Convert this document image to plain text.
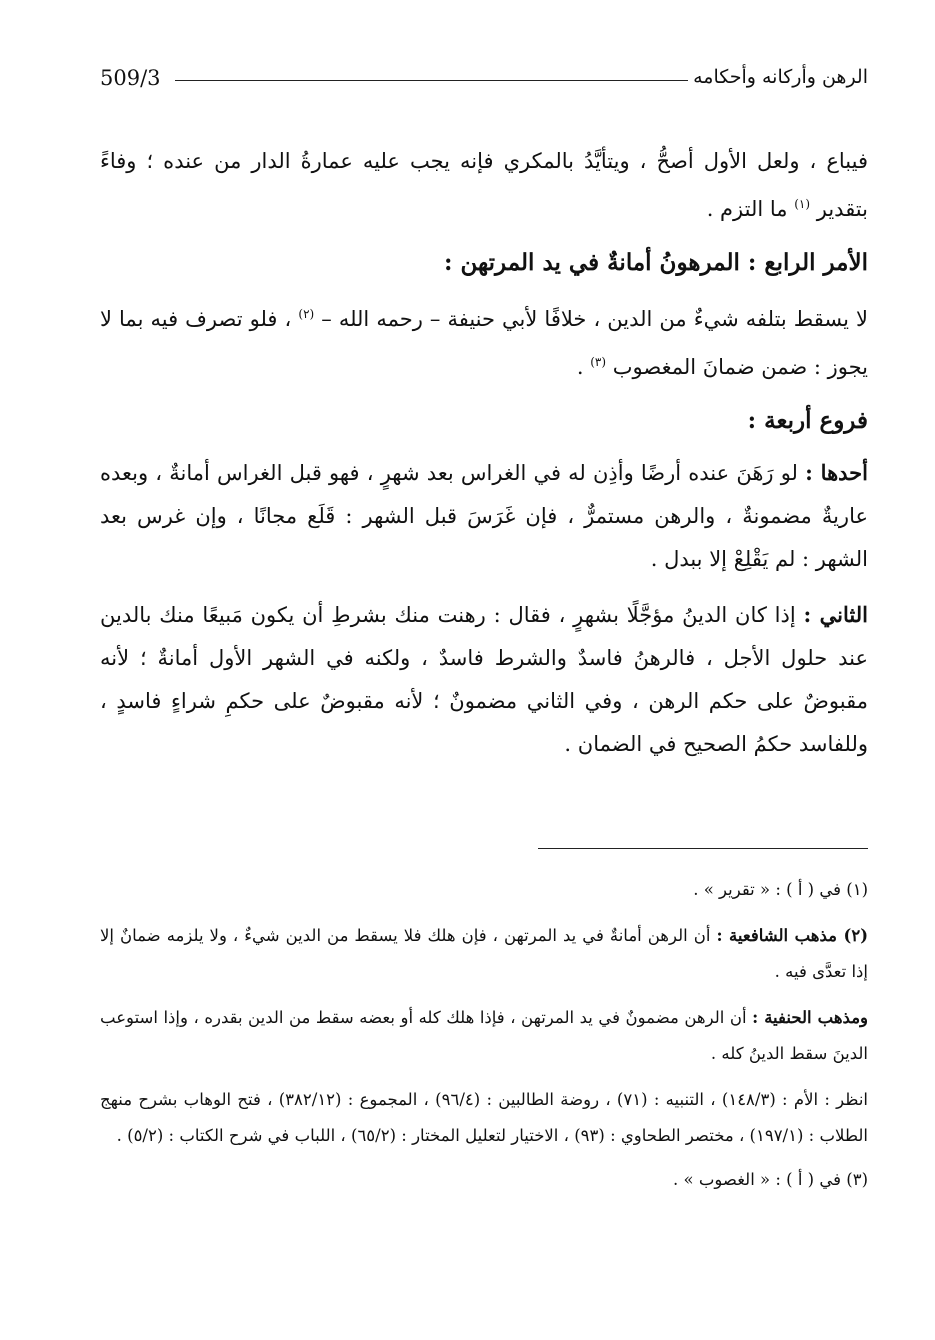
509/3	الرهن وأركانه وأحكامه

فيباع ، ولعل الأول أصحُّ ، ويتأيَّدُ بالمكري فإنه يجب عليه عمارةُ الدار من عنده ؛ وفاءً بتقدير $^{(١)}$ ما التزم .

الأمر الرابع : المرهونُ أمانةٌ في يد المرتهن :

لا يسقط بتلفه شيءٌ من الدين ، خلافًا لأبي حنيفة – رحمه الله – $^{(٢)}$ ، فلو تصرف فيه بما لا يجوز : ضمن ضمانَ المغصوب $^{(٣)}$ .

فروع أربعة :

أحدها : لو رَهَنَ عنده أرضًا وأذِن له في الغراس بعد شهرٍ ، فهو قبل الغراس أمانةٌ ، وبعده عاريةٌ مضمونةٌ ، والرهن مستمرٌّ ، فإن غَرَسَ قبل الشهر : قَلَع مجانًا ، وإن غرس بعد الشهر : لم يَقْلِعْ إلا ببدل .

الثاني : إذا كان الدينُ مؤجَّلًا بشهرٍ ، فقال : رهنت منك بشرطِ أن يكون مَبيعًا منك بالدين عند حلول الأجل ، فالرهنُ فاسدٌ والشرط فاسدٌ ، ولكنه في الشهر الأول أمانةٌ ؛ لأنه مقبوضٌ على حكم الرهن ، وفي الثاني مضمونٌ ؛ لأنه مقبوضٌ على حكمِ شراءٍ فاسدٍ ، وللفاسد حكمُ الصحيح في الضمان .

(١) في ( أ ) : « تقرير » .

(٢) مذهب الشافعية : أن الرهن أمانةٌ في يد المرتهن ، فإن هلك فلا يسقط من الدين شيءٌ ، ولا يلزمه ضمانٌ إلا إذا تعدَّى فيه .

ومذهب الحنفية : أن الرهن مضمونٌ في يد المرتهن ، فإذا هلك كله أو بعضه سقط من الدين بقدره ، وإذا استوعب الدينَ سقط الدينُ كله .

انظر : الأم : (١٤٨/٣) ، التنبيه : (٧١) ، روضة الطالبين : (٩٦/٤) ، المجموع : (٣٨٢/١٢) ، فتح الوهاب بشرح منهج الطلاب : (١٩٧/١) ، مختصر الطحاوي : (٩٣) ، الاختيار لتعليل المختار : (٦٥/٢) ، اللباب في شرح الكتاب : (٥/٢) .

(٣) في ( أ ) : « الغصوب » .
